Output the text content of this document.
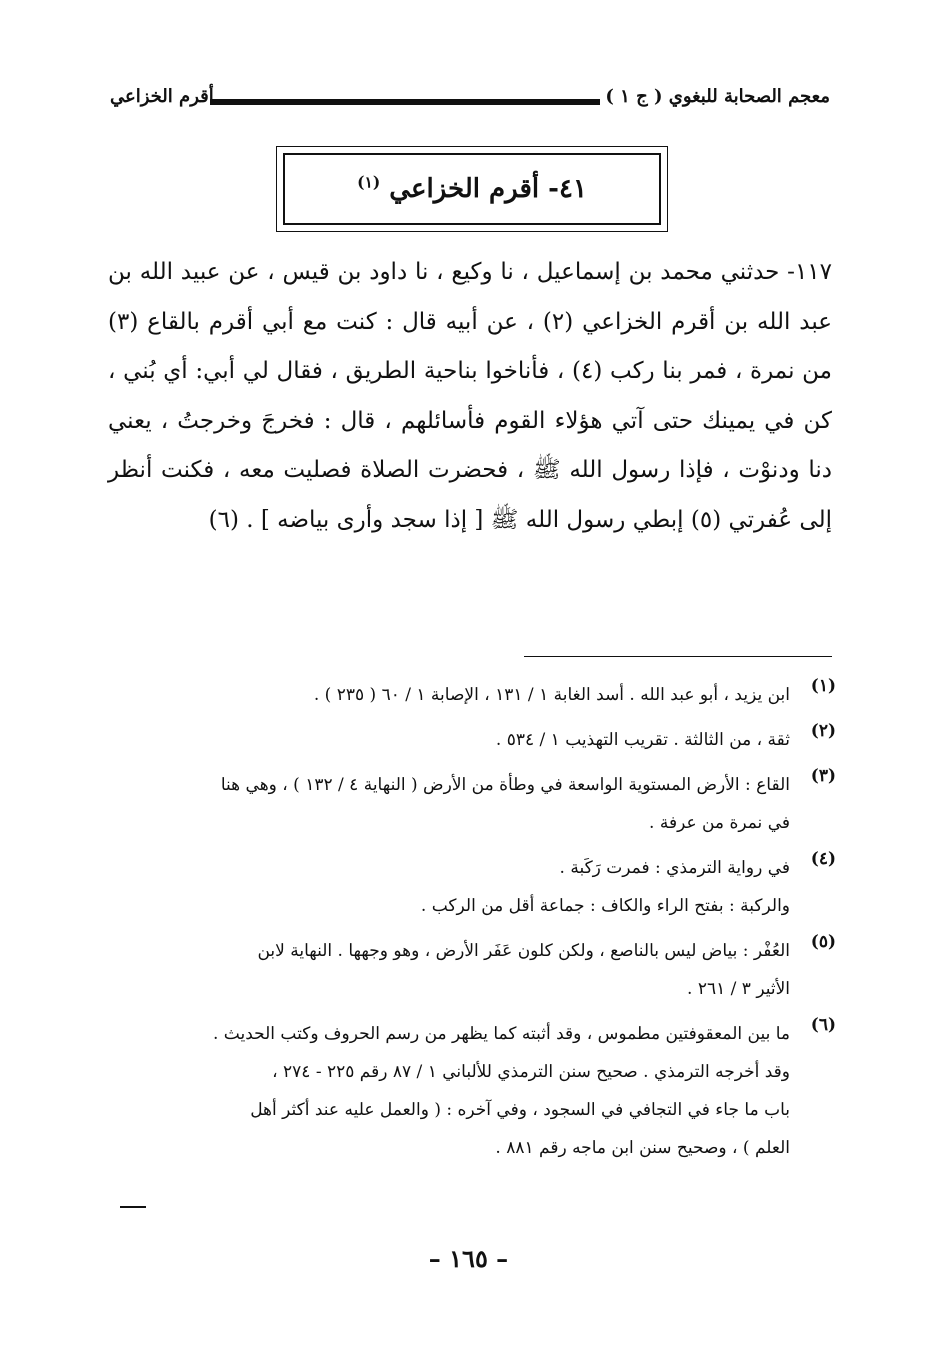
معجم الصحابة للبغوي ( ج ١ )
أقرم الخزاعي
٤١- أقرم الخزاعي $^{(١)}$

١١٧- حدثني محمد بن إسماعيل ، نا وكيع ، نا داود بن قيس ، عن عبيد الله بن عبد الله بن أقرم الخزاعي (٢) ، عن أبيه قال : كنت مع أبي أقرم بالقاع (٣) من نمرة ، فمر بنا ركب (٤) ، فأناخوا بناحية الطريق ، فقال لي أبي: أي بُني ، كن في يمينك حتى آتي هؤلاء القوم فأسائلهم ، قال : فخرجَ وخرجتُ ، يعني دنا ودنوْت ، فإذا رسول الله ﷺ ، فحضرت الصلاة فصليت معه ، فكنت أنظر إلى عُفرتي (٥) إبطي رسول الله ﷺ [ إذا سجد وأرى بياضه ] . (٦)

(١)
ابن يزيد ، أبو عبد الله . أسد الغابة ١ / ١٣١ ، الإصابة ١ / ٦٠ ( ٢٣٥ ) .
(٢)
ثقة ، من الثالثة . تقريب التهذيب ١ / ٥٣٤ .
(٣)
القاع : الأرض المستوية الواسعة في وطأة من الأرض ( النهاية ٤ / ١٣٢ ) ، وهي هنا
في نمرة من عرفة .
(٤)
في رواية الترمذي : فمرت رَكَبة .
والركبة : بفتح الراء والكاف : جماعة أقل من الركب .
(٥)
العُفْر : بياض ليس بالناصع ، ولكن كلون عَفَر الأرض ، وهو وجهها . النهاية لابن
الأثير ٣ / ٢٦١ .
(٦)
ما بين المعقوفتين مطموس ، وقد أثبته كما يظهر من رسم الحروف وكتب الحديث .
وقد أخرجه الترمذي . صحيح سنن الترمذي للألباني ١ / ٨٧ رقم ٢٢٥ - ٢٧٤ ،
باب ما جاء في التجافي في السجود ، وفي آخره : ( والعمل عليه عند أكثر أهل
العلم ) ، وصحيح سنن ابن ماجه رقم ٨٨١ .
– ١٦٥ –
